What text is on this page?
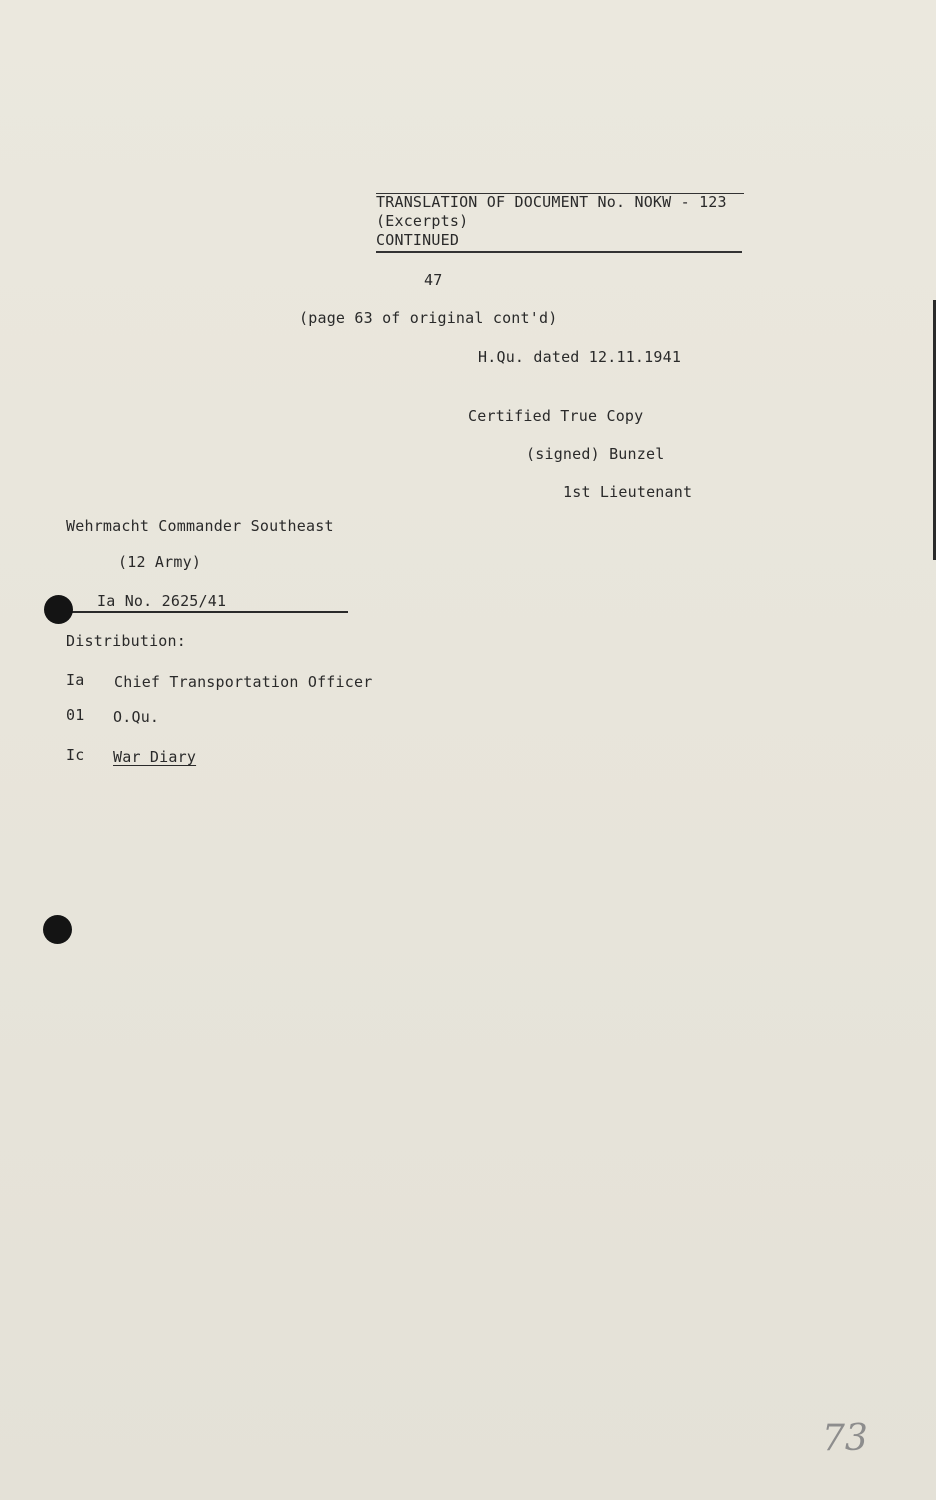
TRANSLATION OF DOCUMENT No. NOKW - 123
(Excerpts)
CONTINUED
47
(page 63 of original cont'd)
H.Qu. dated 12.11.1941
Certified True Copy
(signed) Bunzel
1st Lieutenant
Wehrmacht Commander Southeast
(12 Army)
Ia No. 2625/41
Distribution:
Ia Chief Transportation Officer
01 O.Qu.
Ic War Diary
73
